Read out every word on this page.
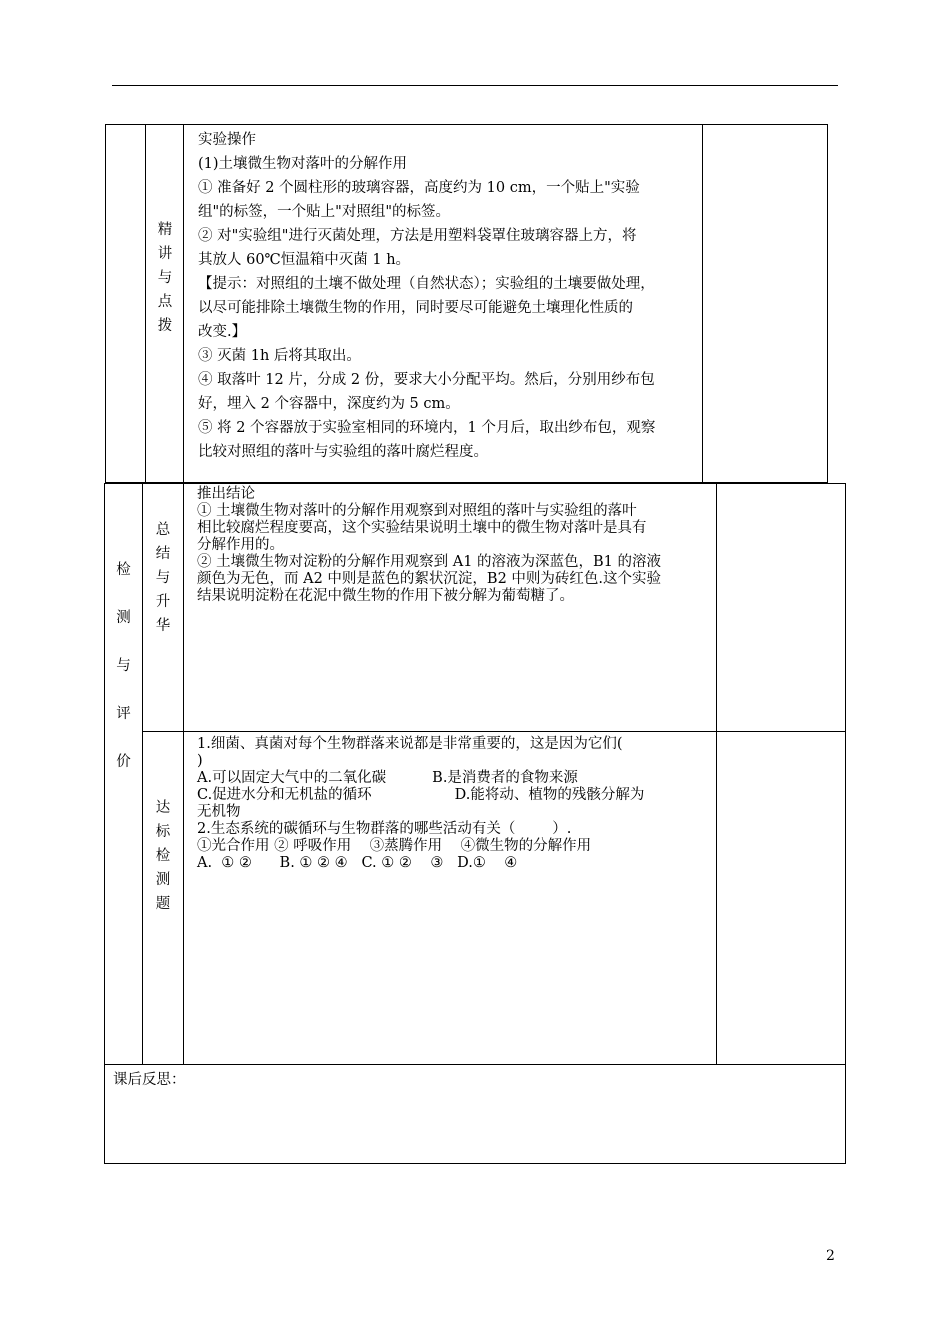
精
讲
与
点
拨
实验操作
(1)土壤微生物对落叶的分解作用
① 准备好 2 个圆柱形的玻璃容器，高度约为 10 cm，一个贴上"实验
组"的标签，一个贴上"对照组"的标签。
② 对"实验组"进行灭菌处理，方法是用塑料袋罩住玻璃容器上方，将
其放人 60℃恒温箱中灭菌 1 h。
【提示：对照组的土壤不做处理（自然状态）；实验组的土壤要做处理，
以尽可能排除土壤微生物的作用，同时要尽可能避免土壤理化性质的
改变.】
③ 灭菌 1h 后将其取出。
④ 取落叶 12 片，分成 2 份，要求大小分配平均。然后，分别用纱布包
好，埋入 2 个容器中，深度约为 5 cm。
⑤ 将 2 个容器放于实验室相同的环境内，1 个月后，取出纱布包，观察
比较对照组的落叶与实验组的落叶腐烂程度。
检
测
与
评
价
总
结
与
升
华
达
标
检
测
题
推出结论
① 土壤微生物对落叶的分解作用观察到对照组的落叶与实验组的落叶
相比较腐烂程度要高，这个实验结果说明土壤中的微生物对落叶是具有
分解作用的。
② 土壤微生物对淀粉的分解作用观察到 A1 的溶液为深蓝色，B1 的溶液
颜色为无色，而 A2 中则是蓝色的絮状沉淀，B2 中则为砖红色.这个实验
结果说明淀粉在花泥中微生物的作用下被分解为葡萄糖了。
1.细菌、真菌对每个生物群落来说都是非常重要的，这是因为它们(
)
A.可以固定大气中的二氧化碳          B.是消费者的食物来源
C.促进水分和无机盐的循环                  D.能将动、植物的残骸分解为
无机物
2.生态系统的碳循环与生物群落的哪些活动有关（        ）.
①光合作用 ② 呼吸作用    ③蒸腾作用    ④微生物的分解作用
A.  ① ②      B. ① ② ④   C. ① ②    ③   D.①    ④
课后反思：
2
